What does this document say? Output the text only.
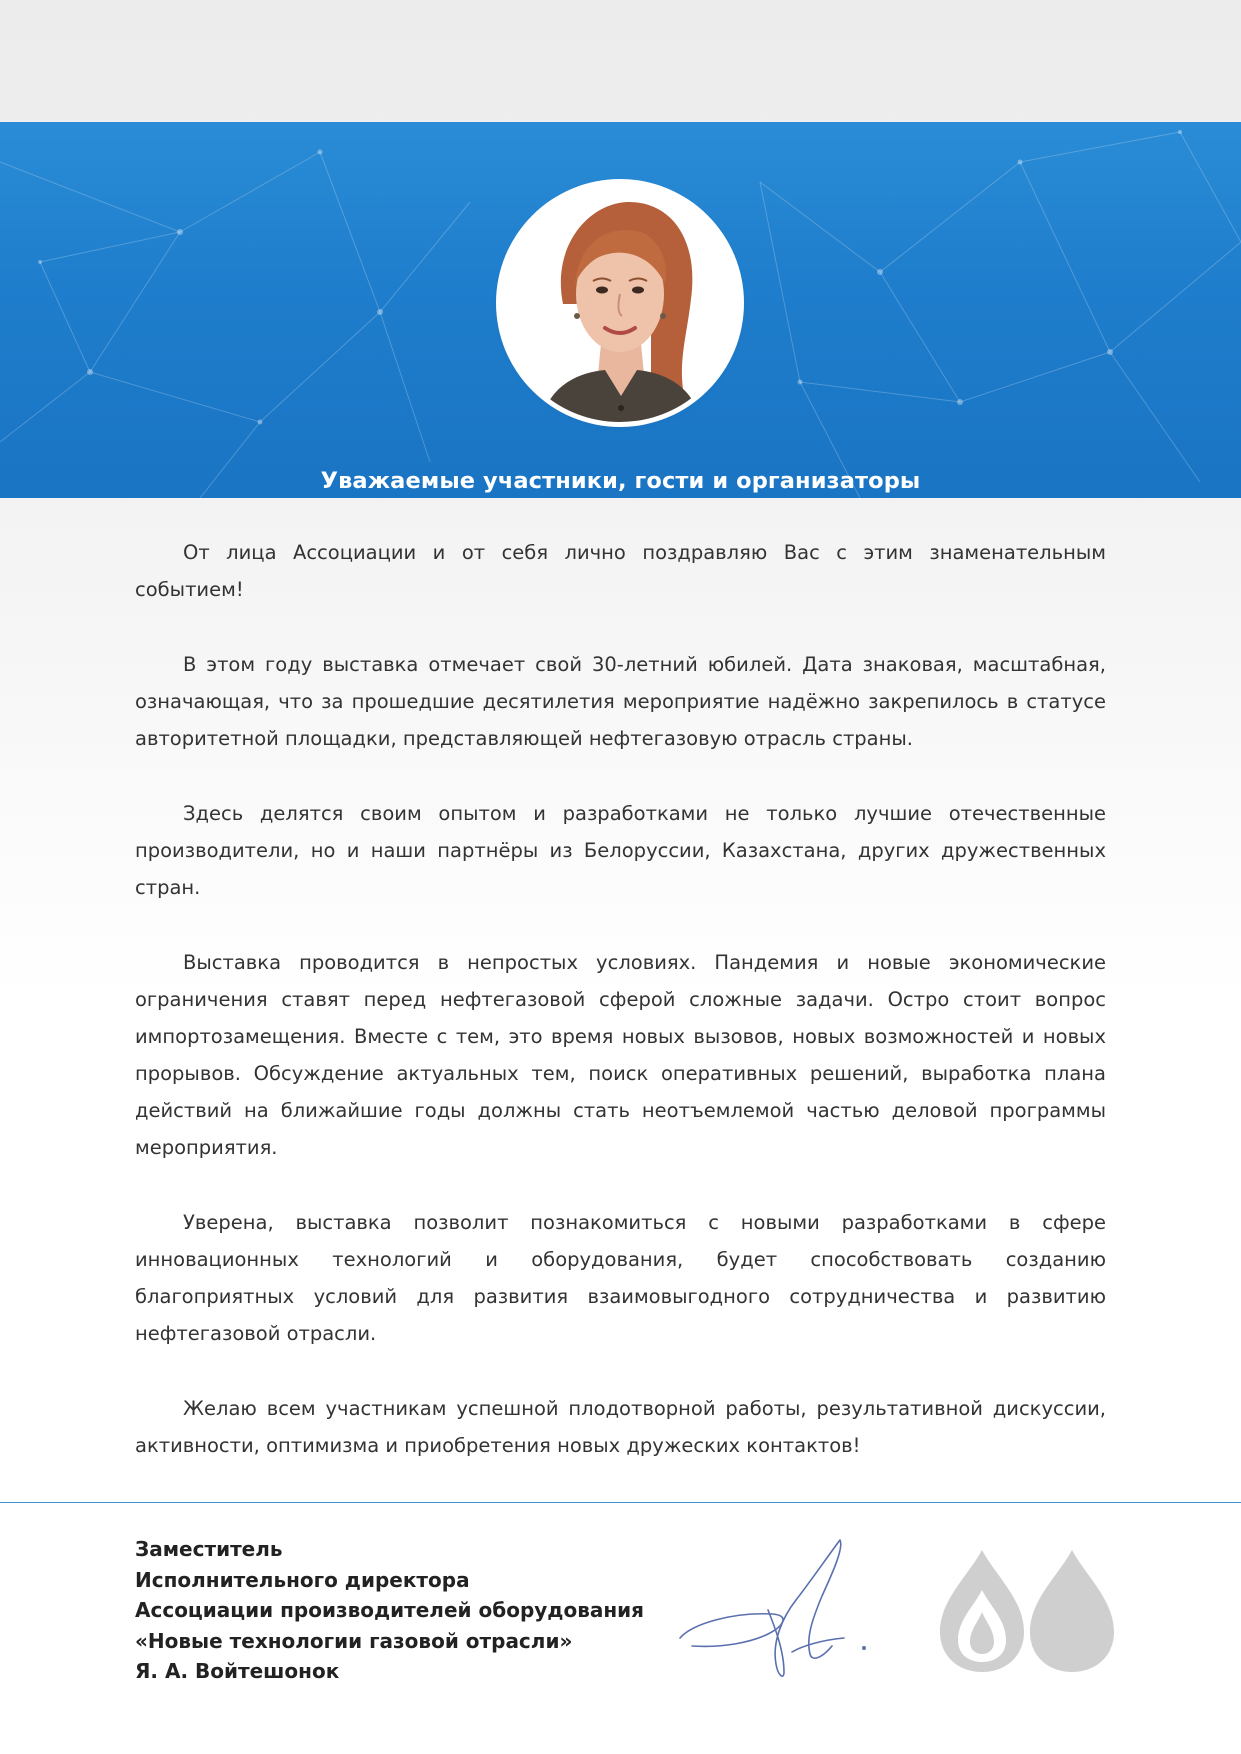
Уважаемые участники, гости и организаторы

От лица Ассоциации и от себя лично поздравляю Вас с этим знаменательным событием!

В этом году выставка отмечает свой 30-летний юбилей. Дата знаковая, масштабная, означающая, что за прошедшие десятилетия мероприятие надёжно закрепилось в статусе авторитетной площадки, представляющей нефтегазовую отрасль страны.

Здесь делятся своим опытом и разработками не только лучшие отечественные производители, но и наши партнёры из Белоруссии, Казахстана, других дружественных стран.

Выставка проводится в непростых условиях. Пандемия и новые экономические ограничения ставят перед нефтегазовой сферой сложные задачи. Остро стоит вопрос импортозамещения. Вместе с тем, это время новых вызовов, новых возможностей и новых прорывов. Обсуждение актуальных тем, поиск оперативных решений, выработка плана действий на ближайшие годы должны стать неотъемлемой частью деловой программы мероприятия.

Уверена, выставка позволит познакомиться с новыми разработками в сфере инновационных технологий и оборудования, будет способствовать созданию благоприятных условий для развития взаимовыгодного сотрудничества и развитию нефтегазовой отрасли.

Желаю всем участникам успешной плодотворной работы, результативной дискуссии, активности, оптимизма и приобретения новых дружеских контактов!

Заместитель
Исполнительного директора
Ассоциации производителей оборудования
«Новые технологии газовой отрасли»
Я. А. Войтешонок
